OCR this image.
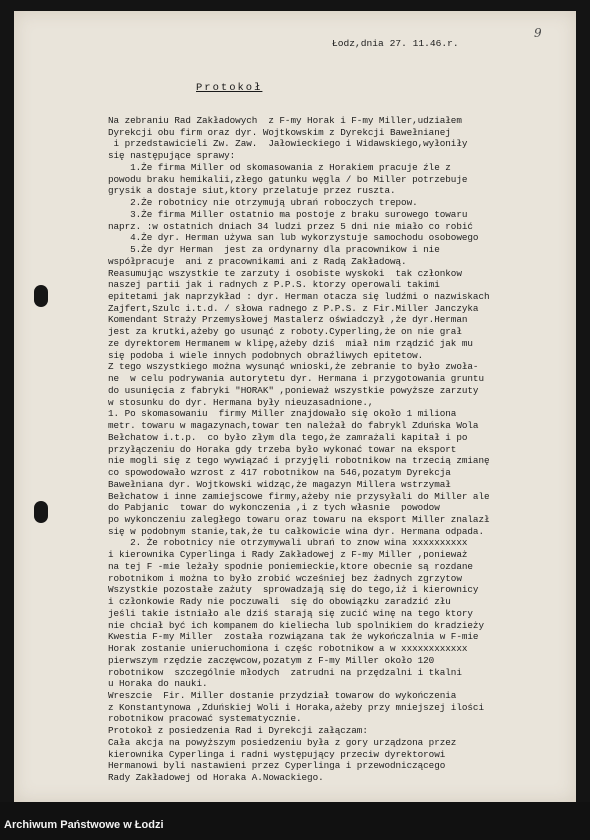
9
Łodz,dnia 27. 11.46.r.
Protokoł
Na zebraniu Rad Zakładowych  z F-my Horak i F-my Miller,udziałem
Dyrekcji obu firm oraz dyr. Wojtkowskim z Dyrekcji Bawełnianej
i przedstawicieli Zw. Zaw.  Jałowieckiego i Widawskiego,wyłoniły
się następujące sprawy:
1.Że firma Miller od skomasowania z Horakiem pracuje źle z
powodu braku hemikalii,złego gatunku węgla / bo Miller potrzebuje
grysik a dostaje siut,ktory przelatuje przez ruszta.
2.Że robotnicy nie otrzymują ubrań roboczych trepow.
3.Że firma Miller ostatnio ma postoje z braku surowego towaru
naprz. :w ostatnich dniach 34 ludzi przez 5 dni nie miało co robić
4.Że dyr. Herman używa san lub wykorzystuje samochodu osobowego
5.Że dyr Herman  jest za ordynarny dla pracownikow i nie
współpracuje  ani z pracownikami ani z Radą Zakładową.
Reasumując wszystkie te zarzuty i osobiste wyskoki  tak członkow
naszej partii jak i radnych z P.P.S. ktorzy operowali takimi
epitetami jak naprzykład : dyr. Herman otacza się ludźmi o nazwiskach
Zajfert,Szulc i.t.d. / słowa radnego z P.P.S. z Fir.Miller Janczyka
Komendant Straży Przemysłowej Mastalerz oświadczył ,że dyr.Herman
jest za krutki,ażeby go usunąć z roboty.Cyperling,że on nie grał
ze dyrektorem Hermanem w klipę,ażeby dziś  miał nim rządzić jak mu
się podoba i wiele innych podobnych obraźliwych epitetow.
Z tego wszystkiego można wysunąć wnioski,że zebranie to było zwoła-
ne  w celu podrywania autorytetu dyr. Hermana i przygotowania gruntu
do usunięcia z fabryki "HORAK" ,ponieważ wszystkie powyższe zarzuty
w stosunku do dyr. Hermana były nieuzasadnione.,
1. Po skomasowaniu  firmy Miller znajdowało się około 1 miliona
metr. towaru w magazynach,towar ten należał do fabrykl Zduńska Wola
Bełchatow i.t.p.  co było złym dla tego,że zamrażali kapitał i po
przyłączeniu do Horaka gdy trzeba było wykonać towar na eksport
nie mogli się z tego wywiązać i przyjęli robotnikow na trzecią zmianę
co spowodowało wzrost z 417 robotnikow na 546,pozatym Dyrekcja
Bawełniana dyr. Wojtkowski widząc,że magazyn Millera wstrzymał
Bełchatow i inne zamiejscowe firmy,ażeby nie przysyłali do Miller ale
do Pabjanic  towar do wykonczenia ,i z tych własnie  powodow
po wykonczeniu zaległego towaru oraz towaru na eksport Miller znalazł
się w podobnym stanie,tak,że tu całkowicie wina dyr. Hermana odpada.
2. Że robotnicy nie otrzymywali ubrań to znow wina xxxxxxxxxx
i kierownika Cyperlinga i Rady Zakładowej z F-my Miller ,ponieważ
na tej F -mie leżały spodnie poniemieckie,ktore obecnie są rozdane
robotnikom i można to było zrobić wcześniej bez żadnych zgrzytow
Wszystkie pozostałe zażuty  sprowadzają się do tego,iż i kierownicy
i członkowie Rady nie poczuwali  się do obowiązku zaradzić złu
jeśli takie istniało ale dziś starają się zucić winę na tego ktory
nie chciał być ich kompanem do kieliecha lub spolnikiem do kradzieży
Kwestia F-my Miller  została rozwiązana tak że wykończalnia w F-mie
Horak zostanie unieruchomiona i częśc robotnikow a w xxxxxxxxxxxx
pierwszym rzędzie zaczęwcow,pozatym z F-my Miller około 120
robotnikow  szczególnie młodych  zatrudni na przędzalni i tkalni
u Horaka do nauki.
Wreszcie  Fir. Miller dostanie przydział towarow do wykończenia
z Konstantynowa ,Zduńskiej Woli i Horaka,ażeby przy mniejszej ilości
robotnikow pracować systematycznie.
Protokoł z posiedzenia Rad i Dyrekcji załączam:
Cała akcja na powyższym posiedzeniu była z gory urządzona przez
kierownika Cyperlinga i radni występujący przeciw dyrektorowi
Hermanowi byli nastawieni przez Cyperlinga i przewodniczącego
Rady Zakładowej od Horaka A.Nowackiego.
Archiwum Państwowe w Łodzi
